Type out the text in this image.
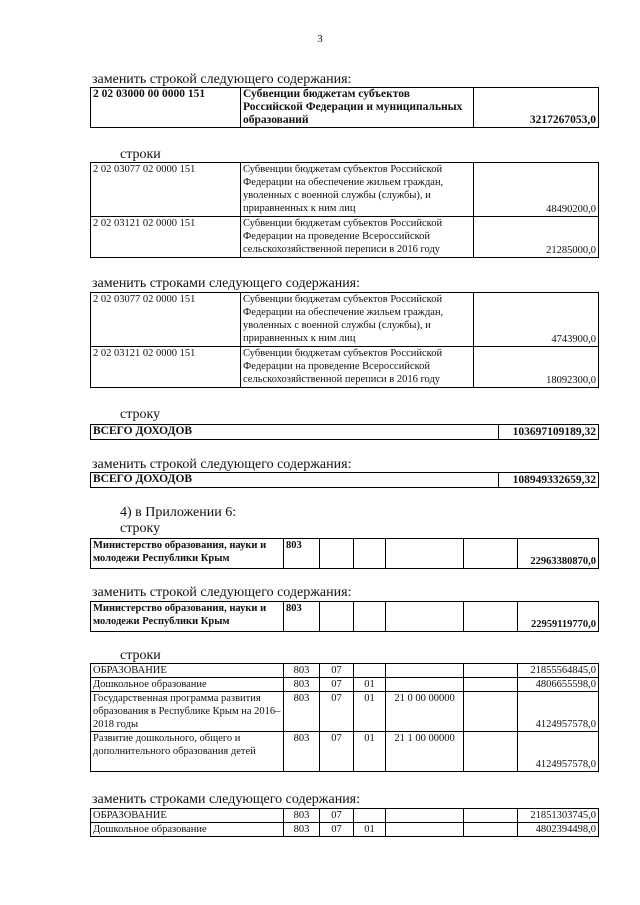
3
заменить строкой следующего содержания:
2 02 03000 00 0000 151	Субвенции бюджетам субъектов Российской Федерации и муниципальных образований	3217267053,0
строки
2 02 03077 02 0000 151	Субвенции бюджетам субъектов Российской Федерации на обеспечение жильем граждан, уволенных с военной службы (службы), и приравненных к ним лиц	48490200,0
2 02 03121 02 0000 151	Субвенции бюджетам субъектов Российской Федерации на проведение Всероссийской сельскохозяйственной переписи в 2016 году	21285000,0
заменить строками следующего содержания:
2 02 03077 02 0000 151	Субвенции бюджетам субъектов Российской Федерации на обеспечение жильем граждан, уволенных с военной службы (службы), и приравненных к ним лиц	4743900,0
2 02 03121 02 0000 151	Субвенции бюджетам субъектов Российской Федерации на проведение Всероссийской сельскохозяйственной переписи в 2016 году	18092300,0
строку
ВСЕГО ДОХОДОВ	103697109189,32
заменить строкой следующего содержания:
ВСЕГО ДОХОДОВ	108949332659,32
4) в Приложении 6:
строку
Министерство образования, науки и молодежи Республики Крым	803					22963380870,0
заменить строкой следующего содержания:
Министерство образования, науки и молодежи Республики Крым	803					22959119770,0
строки
ОБРАЗОВАНИЕ	803	07				21855564845,0
Дошкольное образование	803	07	01			4806655598,0
Государственная программа развития образования в Республике Крым на 2016–2018 годы	803	07	01	21 0 00 00000		4124957578,0
Развитие дошкольного, общего и дополнительного образования детей	803	07	01	21 1 00 00000		4124957578,0
заменить строками следующего содержания:
ОБРАЗОВАНИЕ	803	07				21851303745,0
Дошкольное образование	803	07	01			4802394498,0
